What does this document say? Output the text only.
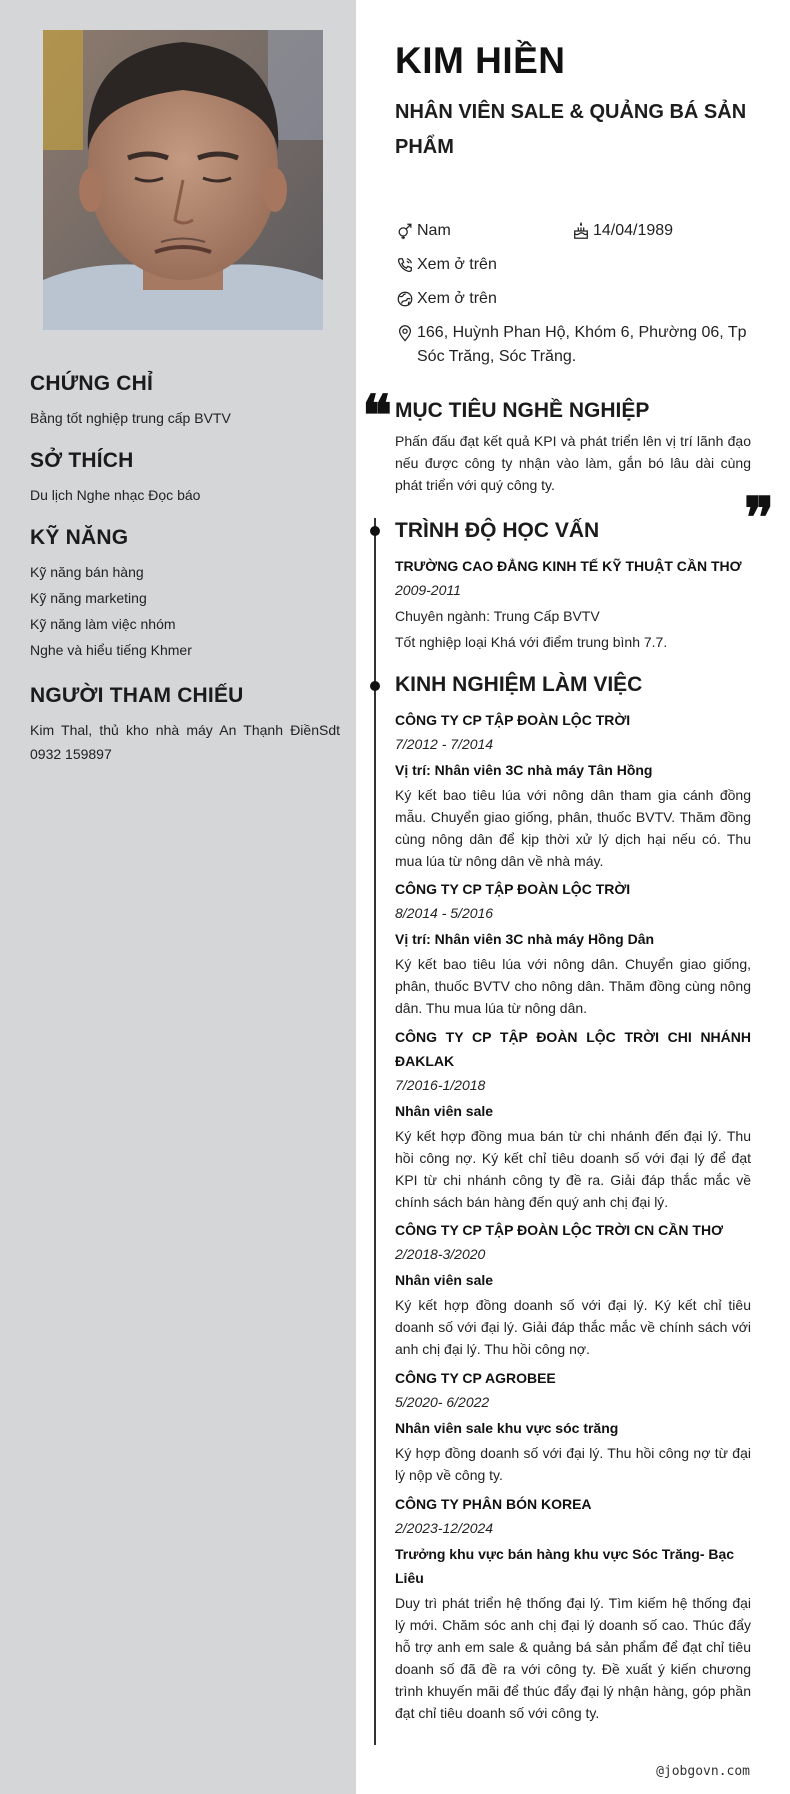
CHỨNG CHỈ
Bằng tốt nghiệp trung cấp BVTV
SỞ THÍCH
Du lịch Nghe nhạc Đọc báo
KỸ NĂNG
Kỹ năng bán hàng
Kỹ năng marketing
Kỹ năng làm việc nhóm
Nghe và hiểu tiếng Khmer
NGƯỜI THAM CHIẾU
Kim Thal, thủ kho nhà máy An Thạnh ĐiềnSdt 0932 159897
KIM HIỀN
NHÂN VIÊN SALE & QUẢNG BÁ SẢN PHẨM
Nam	14/04/1989
Xem ở trên
Xem ở trên
166, Huỳnh Phan Hộ, Khóm 6, Phường 06, Tp Sóc Trăng, Sóc Trăng.
❝ MỤC TIÊU NGHỀ NGHIỆP
Phấn đấu đạt kết quả KPI và phát triển lên vị trí lãnh đạo nếu được công ty nhận vào làm, gắn bó lâu dài cùng phát triển với quý công ty.	❞
TRÌNH ĐỘ HỌC VẤN
TRƯỜNG CAO ĐẲNG KINH TẾ KỸ THUẬT CẦN THƠ
2009-2011
Chuyên ngành: Trung Cấp BVTV
Tốt nghiệp loại Khá với điểm trung bình 7.7.
KINH NGHIỆM LÀM VIỆC
CÔNG TY CP TẬP ĐOÀN LỘC TRỜI
7/2012 - 7/2014
Vị trí: Nhân viên 3C nhà máy Tân Hồng
Ký kết bao tiêu lúa với nông dân tham gia cánh đồng mẫu. Chuyển giao giống, phân, thuốc BVTV. Thăm đồng cùng nông dân để kịp thời xử lý dịch hại nếu có. Thu mua lúa từ nông dân về nhà máy.
CÔNG TY CP TẬP ĐOÀN LỘC TRỜI
8/2014 - 5/2016
Vị trí: Nhân viên 3C nhà máy Hồng Dân
Ký kết bao tiêu lúa với nông dân. Chuyển giao giống, phân, thuốc BVTV cho nông dân. Thăm đồng cùng nông dân. Thu mua lúa từ nông dân.
CÔNG TY CP TẬP ĐOÀN LỘC TRỜI CHI NHÁNH ĐAKLAK
7/2016-1/2018
Nhân viên sale
Ký kết hợp đồng mua bán từ chi nhánh đến đại lý. Thu hồi công nợ. Ký kết chỉ tiêu doanh số với đại lý để đạt KPI từ chi nhánh công ty đề ra. Giải đáp thắc mắc về chính sách bán hàng đến quý anh chị đại lý.
CÔNG TY CP TẬP ĐOÀN LỘC TRỜI CN CẦN THƠ
2/2018-3/2020
Nhân viên sale
Ký kết hợp đồng doanh số với đại lý. Ký kết chỉ tiêu doanh số với đại lý. Giải đáp thắc mắc về chính sách với anh chị đại lý. Thu hồi công nợ.
CÔNG TY CP AGROBEE
5/2020- 6/2022
Nhân viên sale khu vực sóc trăng
Ký hợp đồng doanh số với đại lý. Thu hồi công nợ từ đại lý nộp về công ty.
CÔNG TY PHÂN BÓN KOREA
2/2023-12/2024
Trưởng khu vực bán hàng khu vực Sóc Trăng- Bạc Liêu
Duy trì phát triển hệ thống đại lý. Tìm kiếm hệ thống đại lý mới. Chăm sóc anh chị đại lý doanh số cao. Thúc đẩy hỗ trợ anh em sale & quảng bá sản phẩm để đạt chỉ tiêu doanh số đã đề ra với công ty. Đề xuất ý kiến chương trình khuyến mãi để thúc đẩy đại lý nhận hàng, góp phần đạt chỉ tiêu doanh số với công ty.
@jobgovn.com
